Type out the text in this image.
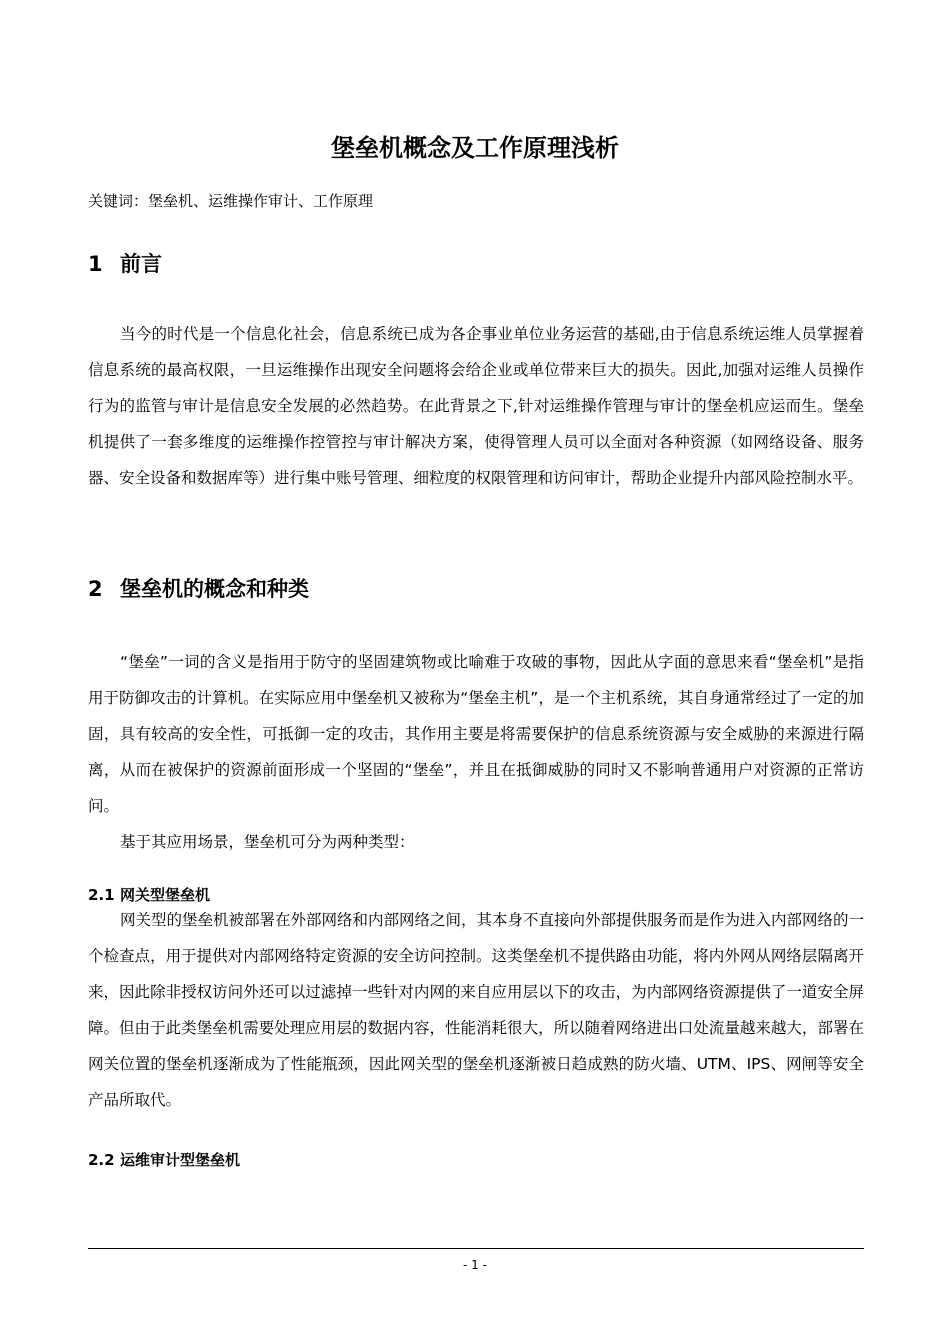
堡垒机概念及工作原理浅析
关键词：堡垒机、运维操作审计、工作原理
1 前言

当今的时代是一个信息化社会，信息系统已成为各企事业单位业务运营的基础,由于信息系统运维人员掌握着信息系统的最高权限，一旦运维操作出现安全问题将会给企业或单位带来巨大的损失。因此,加强对运维人员操作行为的监管与审计是信息安全发展的必然趋势。在此背景之下,针对运维操作管理与审计的堡垒机应运而生。堡垒机提供了一套多维度的运维操作控管控与审计解决方案，使得管理人员可以全面对各种资源（如网络设备、服务器、安全设备和数据库等）进行集中账号管理、细粒度的权限管理和访问审计，帮助企业提升内部风险控制水平。

2 堡垒机的概念和种类

“堡垒”一词的含义是指用于防守的坚固建筑物或比喻难于攻破的事物，因此从字面的意思来看“堡垒机”是指用于防御攻击的计算机。在实际应用中堡垒机又被称为“堡垒主机”，是一个主机系统，其自身通常经过了一定的加固，具有较高的安全性，可抵御一定的攻击，其作用主要是将需要保护的信息系统资源与安全威胁的来源进行隔离，从而在被保护的资源前面形成一个坚固的“堡垒”，并且在抵御威胁的同时又不影响普通用户对资源的正常访问。

基于其应用场景，堡垒机可分为两种类型：

2.1 网关型堡垒机

网关型的堡垒机被部署在外部网络和内部网络之间，其本身不直接向外部提供服务而是作为进入内部网络的一个检查点，用于提供对内部网络特定资源的安全访问控制。这类堡垒机不提供路由功能，将内外网从网络层隔离开来，因此除非授权访问外还可以过滤掉一些针对内网的来自应用层以下的攻击，为内部网络资源提供了一道安全屏障。但由于此类堡垒机需要处理应用层的数据内容，性能消耗很大，所以随着网络进出口处流量越来越大，部署在网关位置的堡垒机逐渐成为了性能瓶颈，因此网关型的堡垒机逐渐被日趋成熟的防火墙、UTM、IPS、网闸等安全产品所取代。

2.2 运维审计型堡垒机
- 1 -
